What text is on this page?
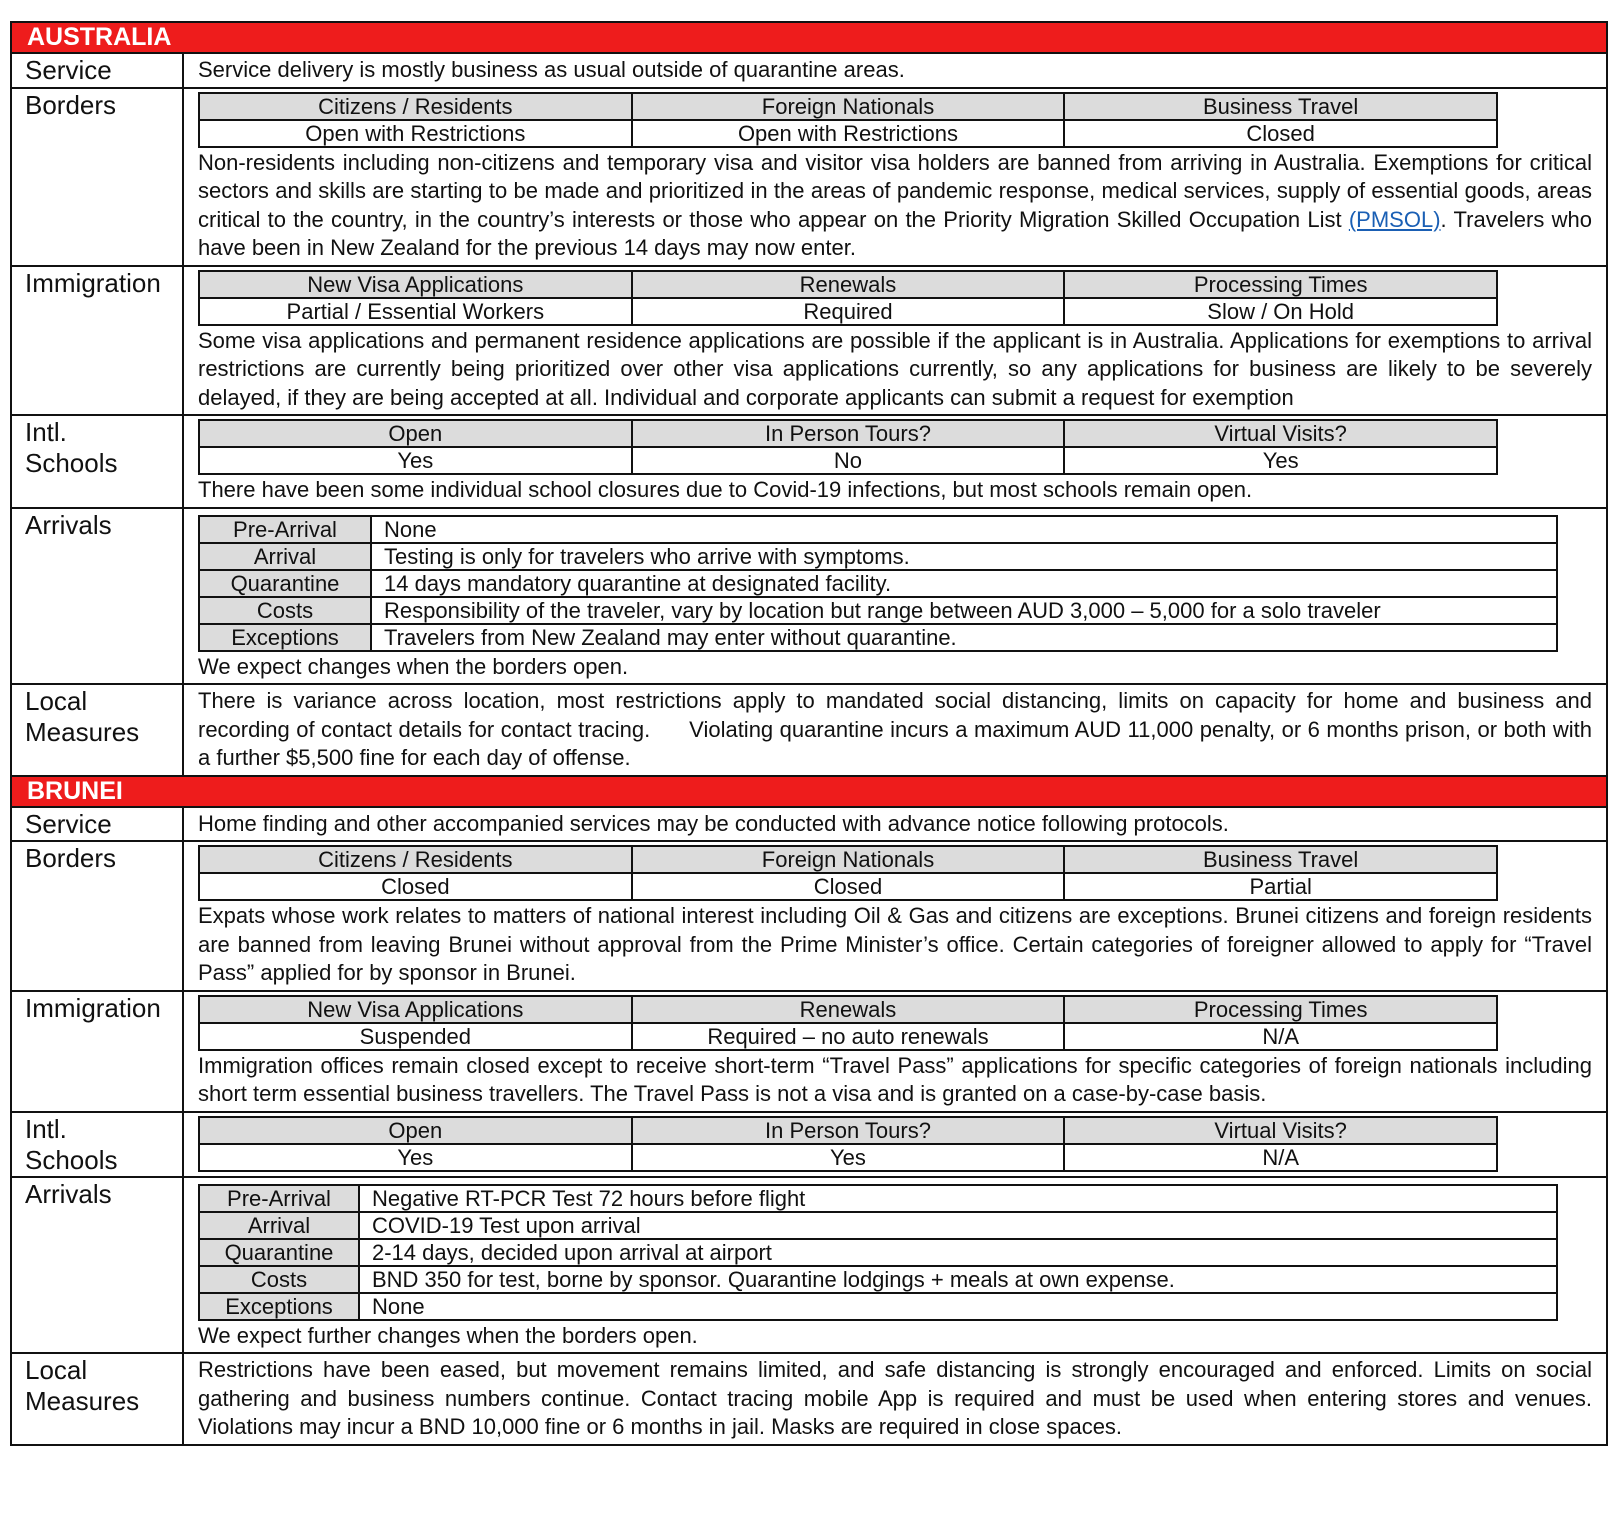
AUSTRALIA
Service	Service delivery is mostly business as usual outside of quarantine areas.
Borders		Citizens / Residents	Foreign Nationals	Business Travel
Open with Restrictions	Open with Restrictions	Closed
Non-residents including non-citizens and temporary visa and visitor visa holders are banned from arriving in Australia. Exemptions for critical sectors and skills are starting to be made and prioritized in the areas of pandemic response, medical services, supply of essential goods, areas critical to the country, in the country’s interests or those who appear on the Priority Migration Skilled Occupation List (PMSOL). Travelers who have been in New Zealand for the previous 14 days may now enter.

Immigration		New Visa Applications	Renewals	Processing Times
Partial / Essential Workers	Required	Slow / On Hold
Some visa applications and permanent residence applications are possible if the applicant is in Australia. Applications for exemptions to arrival restrictions are currently being prioritized over other visa applications currently, so any applications for business are likely to be severely delayed, if they are being accepted at all. Individual and corporate applicants can submit a request for exemption

Intl.
Schools

Open	In Person Tours?	Virtual Visits?
Yes	No	Yes
There have been some individual school closures due to Covid-19 infections, but most schools remain open.

Arrivals		Pre-Arrival	None
Arrival	Testing is only for travelers who arrive with symptoms.
Quarantine	14 days mandatory quarantine at designated facility.
Costs	Responsibility of the traveler, vary by location but range between AUD 3,000 – 5,000 for a solo traveler
Exceptions	Travelers from New Zealand may enter without quarantine.
We expect changes when the borders open.

Local
Measures

There is variance across location, most restrictions apply to mandated social distancing, limits on capacity for home and business and recording of contact details for contact tracing.      Violating quarantine incurs a maximum AUD 11,000 penalty, or 6 months prison, or both with a further $5,500 fine for each day of offense.

BRUNEI
Service	Home finding and other accompanied services may be conducted with advance notice following protocols.
Borders		Citizens / Residents	Foreign Nationals	Business Travel
Closed	Closed	Partial
Expats whose work relates to matters of national interest including Oil & Gas and citizens are exceptions. Brunei citizens and foreign residents are banned from leaving Brunei without approval from the Prime Minister’s office. Certain categories of foreigner allowed to apply for “Travel Pass” applied for by sponsor in Brunei.

Immigration		New Visa Applications	Renewals	Processing Times
Suspended	Required – no auto renewals	N/A
Immigration offices remain closed except to receive short-term “Travel Pass” applications for specific categories of foreign nationals including short term essential business travellers. The Travel Pass is not a visa and is granted on a case-by-case basis.

Intl.
Schools

Open	In Person Tours?	Virtual Visits?
Yes	Yes	N/A

Arrivals		Pre-Arrival	Negative RT-PCR Test 72 hours before flight
Arrival	COVID-19 Test upon arrival
Quarantine	2-14 days, decided upon arrival at airport
Costs	BND 350 for test, borne by sponsor. Quarantine lodgings + meals at own expense.
Exceptions	None
We expect further changes when the borders open.

Local
Measures

Restrictions have been eased, but movement remains limited, and safe distancing is strongly encouraged and enforced. Limits on social gathering and business numbers continue. Contact tracing mobile App is required and must be used when entering stores and venues. Violations may incur a BND 10,000 fine or 6 months in jail. Masks are required in close spaces.
